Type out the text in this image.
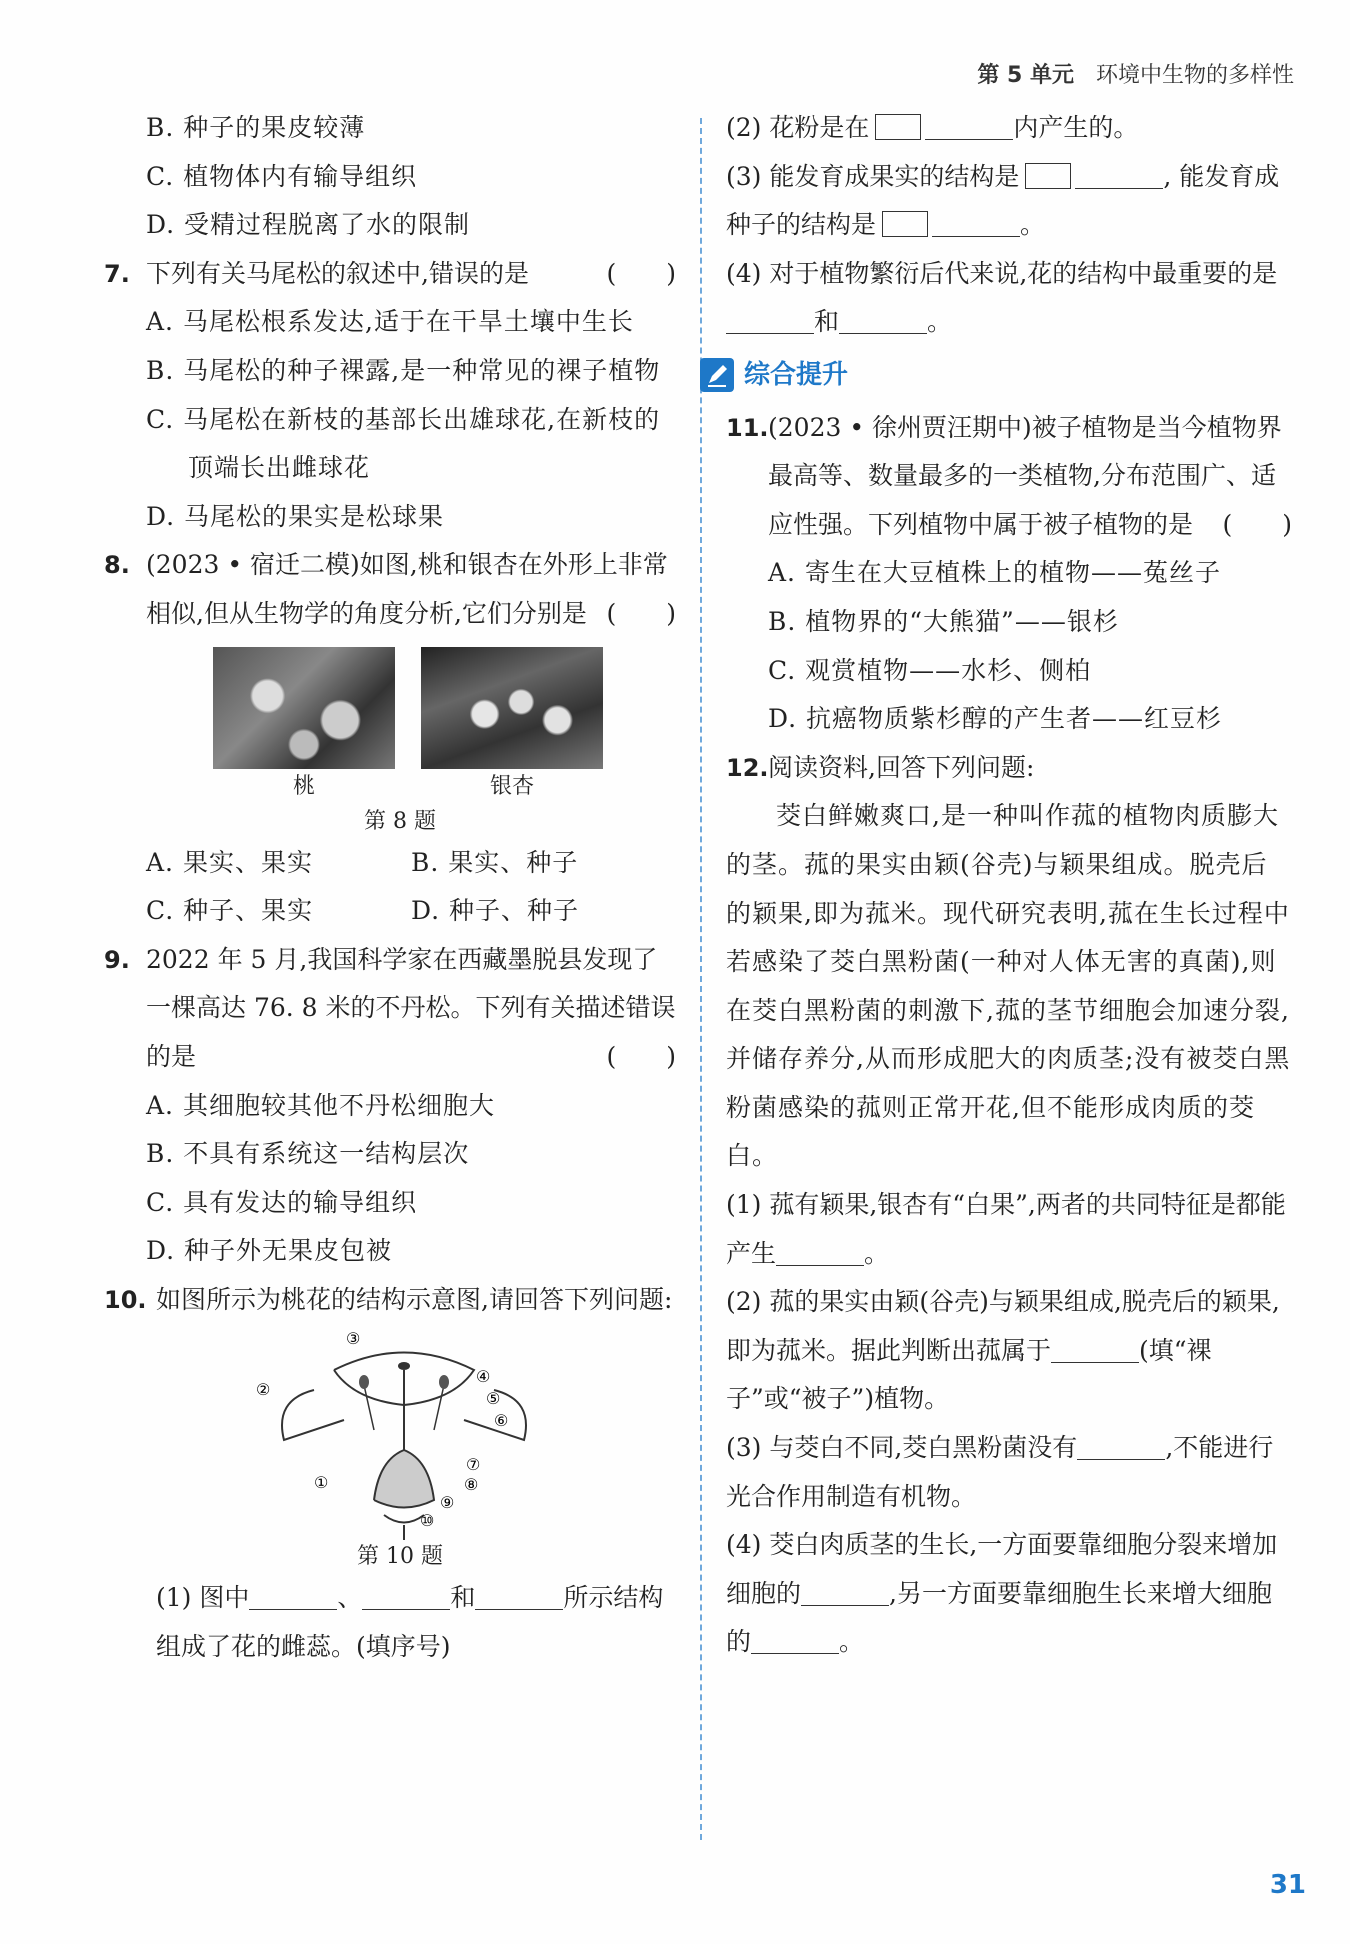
第 5 单元 环境中生物的多样性
B. 种子的果皮较薄
C. 植物体内有输导组织
D. 受精过程脱离了水的限制
7. 下列有关马尾松的叙述中,错误的是	(　　)
A. 马尾松根系发达,适于在干旱土壤中生长
B. 马尾松的种子裸露,是一种常见的裸子植物
C. 马尾松在新枝的基部长出雄球花,在新枝的顶端长出雌球花
D. 马尾松的果实是松球果
8. (2023 • 宿迁二模)如图,桃和银杏在外形上非常相似,但从生物学的角度分析,它们分别是 (　　)
桃	银杏
第 8 题
A. 果实、果实	B. 果实、种子
C. 种子、果实	D. 种子、种子
9. 2022 年 5 月,我国科学家在西藏墨脱县发现了一棵高达 76. 8 米的不丹松。下列有关描述错误的是	(　　)
A. 其细胞较其他不丹松细胞大
B. 不具有系统这一结构层次
C. 具有发达的输导组织
D. 种子外无果皮包被
10. 如图所示为桃花的结构示意图,请回答下列问题:
③
②
④
⑤
⑥
①
⑦
⑧
⑨
⑩
第 10 题
(1) 图中	、	和	所示结构组成了花的雌蕊。(填序号)
(2) 花粉是在	内产生的。
(3) 能发育成果实的结构是	, 能发育成种子的结构是	。
(4) 对于植物繁衍后代来说,花的结构中最重要的是和	。
综合提升
11. (2023 • 徐州贾汪期中)被子植物是当今植物界最高等、数量最多的一类植物,分布范围广、适应性强。下列植物中属于被子植物的是 (　　)
A. 寄生在大豆植株上的植物——菟丝子
B. 植物界的“大熊猫”——银杉
C. 观赏植物——水杉、侧柏
D. 抗癌物质紫杉醇的产生者——红豆杉
12. 阅读资料,回答下列问题:
茭白鲜嫩爽口,是一种叫作菰的植物肉质膨大的茎。菰的果实由颖(谷壳)与颖果组成。脱壳后的颖果,即为菰米。现代研究表明,菰在生长过程中若感染了茭白黑粉菌(一种对人体无害的真菌),则在茭白黑粉菌的刺激下,菰的茎节细胞会加速分裂,并储存养分,从而形成肥大的肉质茎;没有被茭白黑粉菌感染的菰则正常开花,但不能形成肉质的茭白。
(1) 菰有颖果,银杏有“白果”,两者的共同特征是都能产生	。
(2) 菰的果实由颖(谷壳)与颖果组成,脱壳后的颖果,即为菰米。据此判断出菰属于	(填“裸子”或“被子”)植物。
(3) 与茭白不同,茭白黑粉菌没有	,不能进行光合作用制造有机物。
(4) 茭白肉质茎的生长,一方面要靠细胞分裂来增加细胞的	,另一方面要靠细胞生长来增大细胞的	。
31
